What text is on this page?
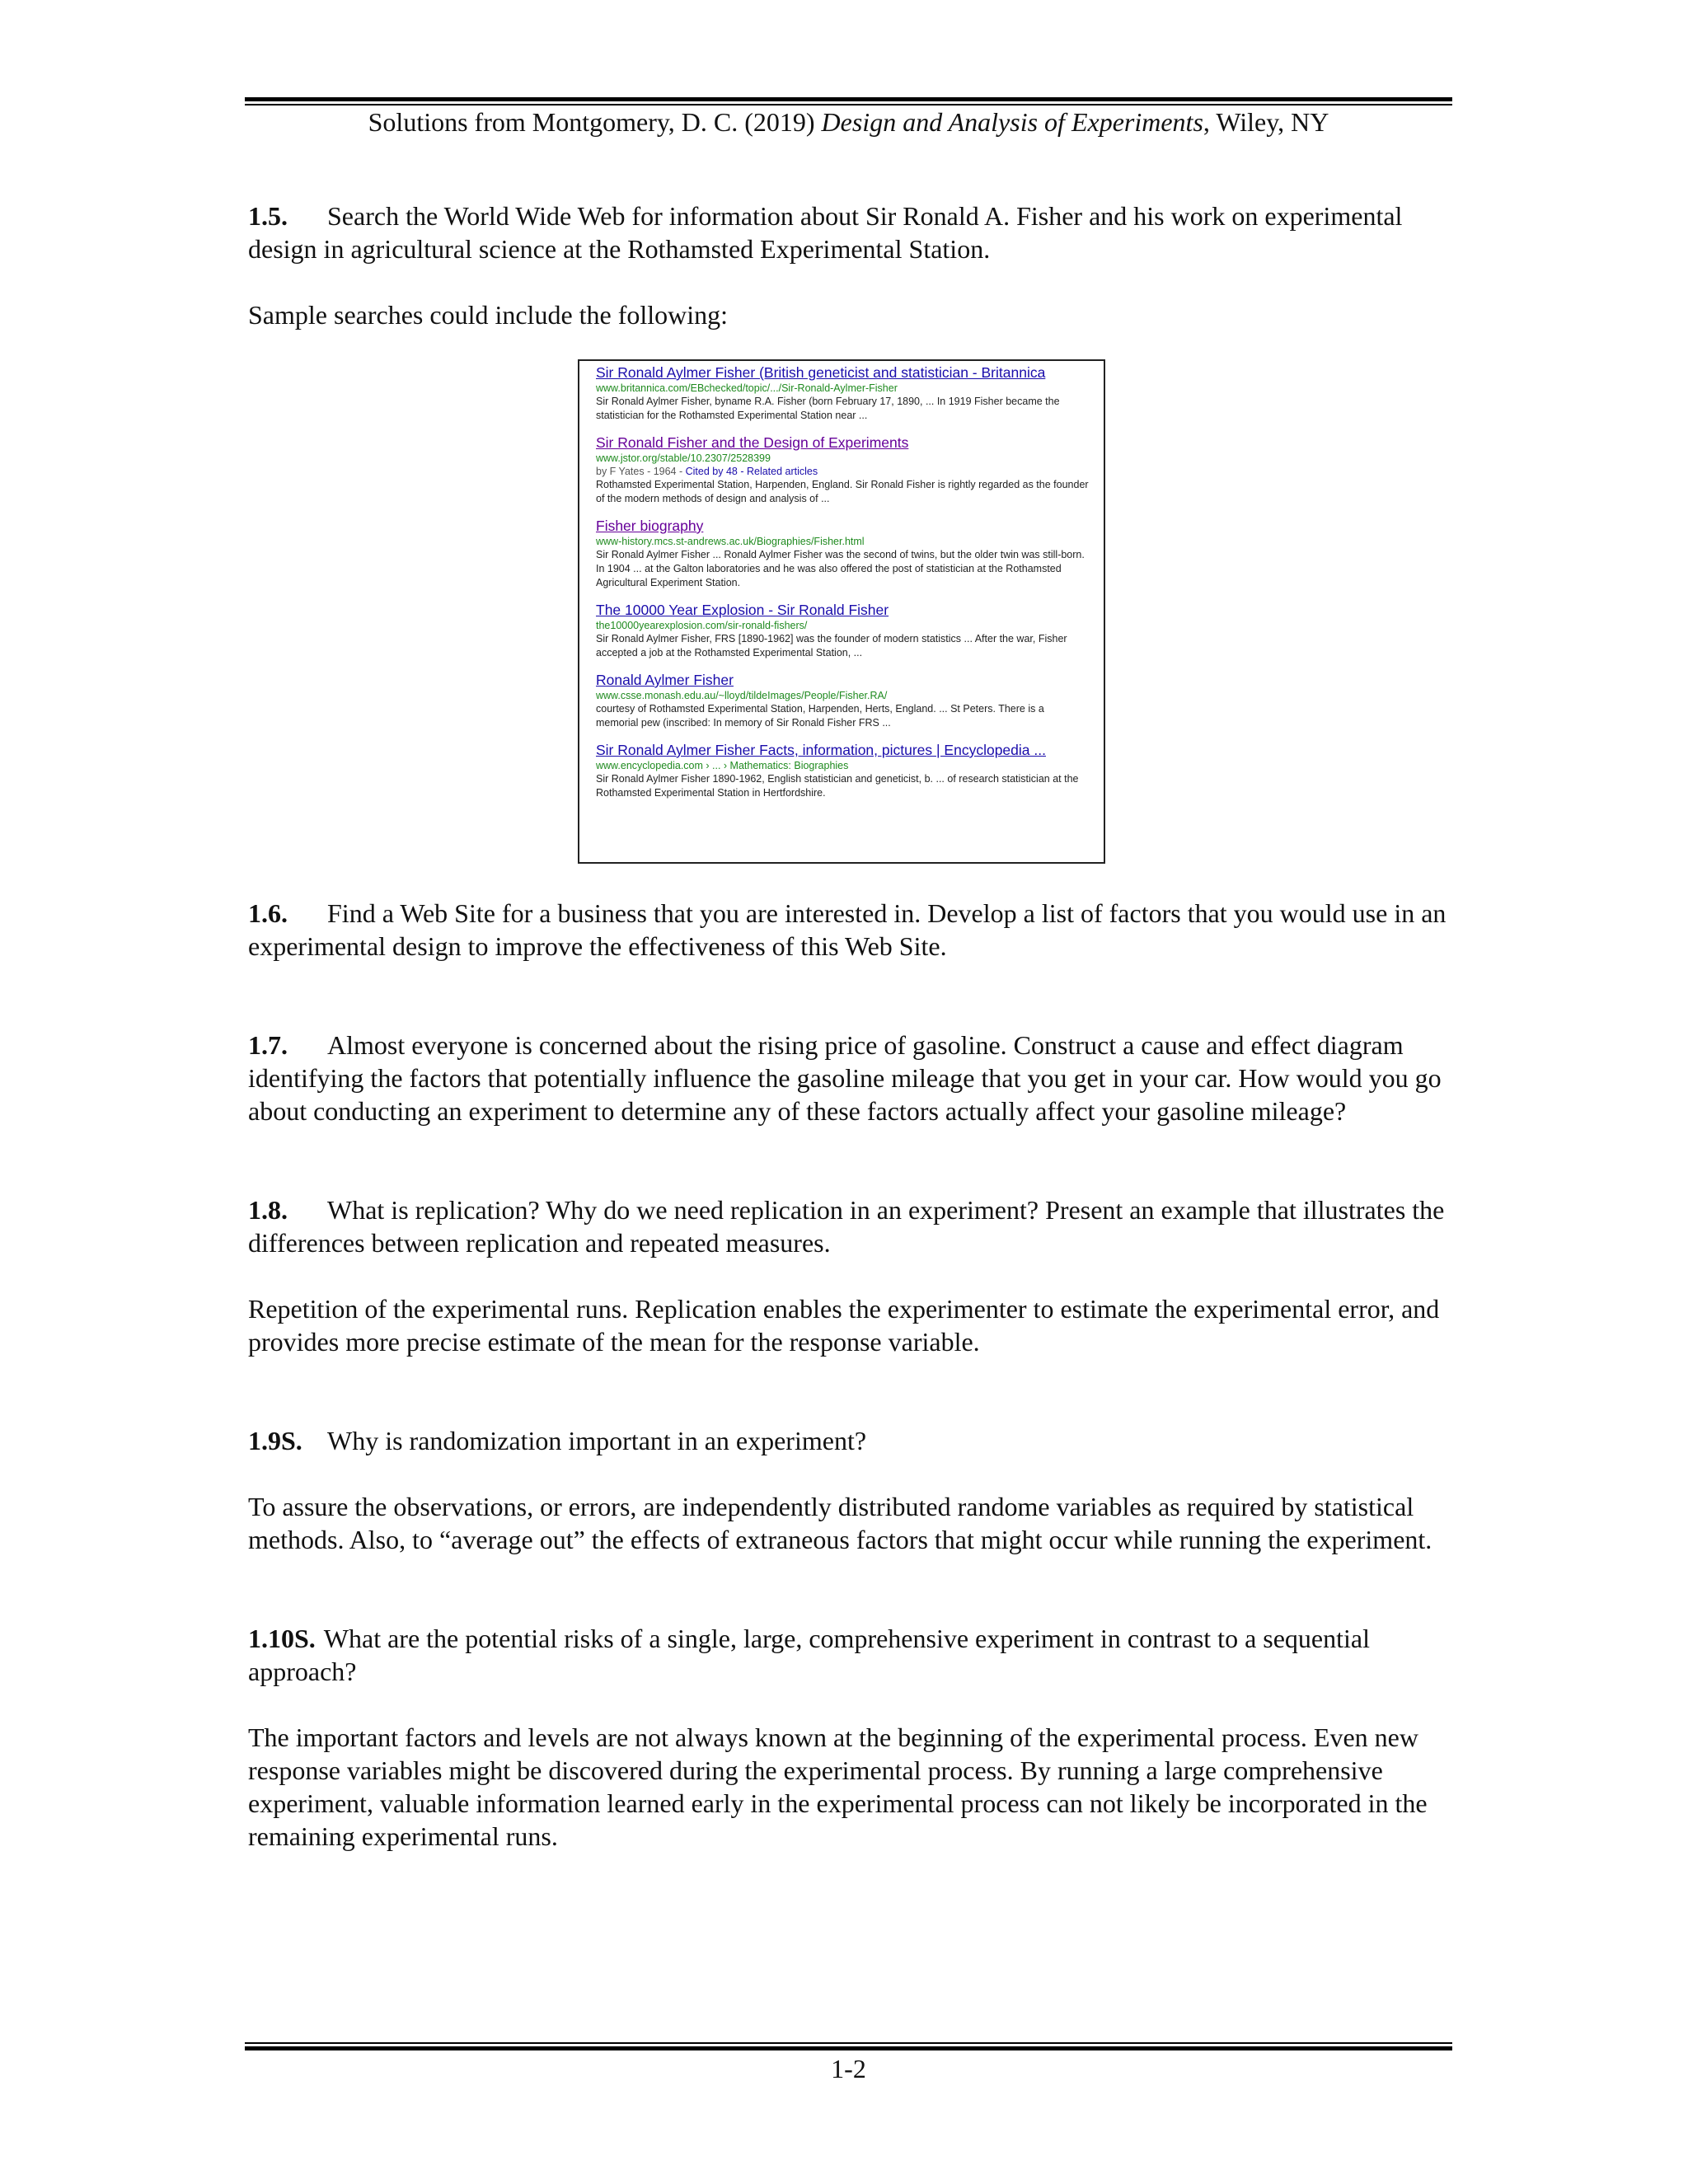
Solutions from Montgomery, D. C. (2019) Design and Analysis of Experiments, Wiley, NY

1.5. Search the World Wide Web for information about Sir Ronald A. Fisher and his work on experimental design in agricultural science at the Rothamsted Experimental Station.

Sample searches could include the following:

Sir Ronald Aylmer Fisher (British geneticist and statistician - Britannica
www.britannica.com/EBchecked/topic/.../Sir-Ronald-Aylmer-Fisher
Sir Ronald Aylmer Fisher, byname R.A. Fisher (born February 17, 1890, ... In 1919 Fisher became the statistician for the Rothamsted Experimental Station near ...
Sir Ronald Fisher and the Design of Experiments
www.jstor.org/stable/10.2307/2528399
by F Yates - 1964 - Cited by 48 - Related articles
Rothamsted Experimental Station, Harpenden, England. Sir Ronald Fisher is rightly regarded as the founder of the modern methods of design and analysis of ...
Fisher biography
www-history.mcs.st-andrews.ac.uk/Biographies/Fisher.html
Sir Ronald Aylmer Fisher ... Ronald Aylmer Fisher was the second of twins, but the older twin was still-born. In 1904 ... at the Galton laboratories and he was also offered the post of statistician at the Rothamsted Agricultural Experiment Station.
The 10000 Year Explosion - Sir Ronald Fisher
the10000yearexplosion.com/sir-ronald-fishers/
Sir Ronald Aylmer Fisher, FRS [1890-1962] was the founder of modern statistics ... After the war, Fisher accepted a job at the Rothamsted Experimental Station, ...
Ronald Aylmer Fisher
www.csse.monash.edu.au/~lloyd/tildeImages/People/Fisher.RA/
courtesy of Rothamsted Experimental Station, Harpenden, Herts, England. ... St Peters. There is a memorial pew (inscribed: In memory of Sir Ronald Fisher FRS ...
Sir Ronald Aylmer Fisher Facts, information, pictures | Encyclopedia ...
www.encyclopedia.com › ... › Mathematics: Biographies
Sir Ronald Aylmer Fisher 1890-1962, English statistician and geneticist, b. ... of research statistician at the Rothamsted Experimental Station in Hertfordshire.

1.6. Find a Web Site for a business that you are interested in. Develop a list of factors that you would use in an experimental design to improve the effectiveness of this Web Site.

1.7. Almost everyone is concerned about the rising price of gasoline. Construct a cause and effect diagram identifying the factors that potentially influence the gasoline mileage that you get in your car. How would you go about conducting an experiment to determine any of these factors actually affect your gasoline mileage?

1.8. What is replication? Why do we need replication in an experiment? Present an example that illustrates the differences between replication and repeated measures.

Repetition of the experimental runs. Replication enables the experimenter to estimate the experimental error, and provides more precise estimate of the mean for the response variable.

1.9S. Why is randomization important in an experiment?

To assure the observations, or errors, are independently distributed randome variables as required by statistical methods. Also, to “average out” the effects of extraneous factors that might occur while running the experiment.

1.10S. What are the potential risks of a single, large, comprehensive experiment in contrast to a sequential approach?

The important factors and levels are not always known at the beginning of the experimental process. Even new response variables might be discovered during the experimental process. By running a large comprehensive experiment, valuable information learned early in the experimental process can not likely be incorporated in the remaining experimental runs.

1-2
